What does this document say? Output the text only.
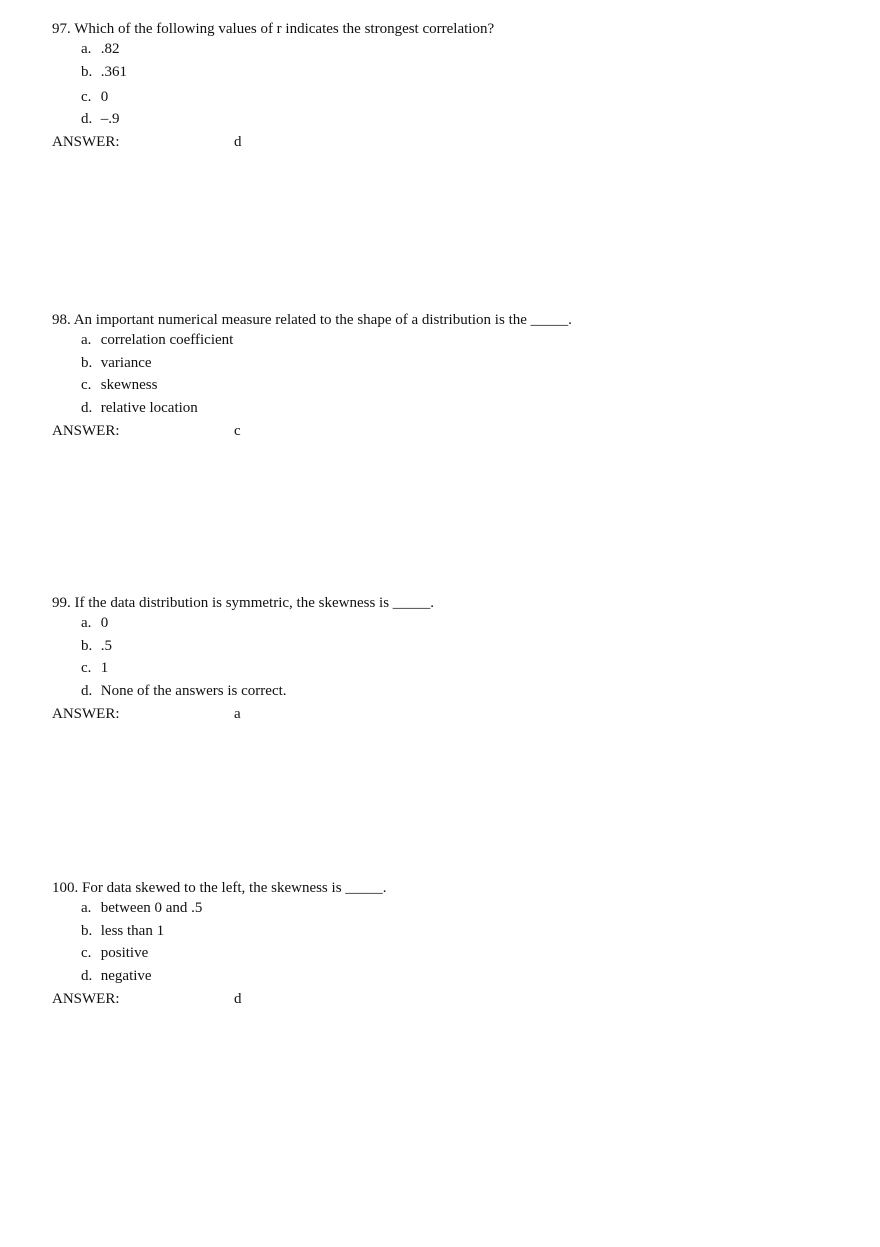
97. Which of the following values of r indicates the strongest correlation?

a. .82
b. .361
c. 0
d. –.9
ANSWER:	d

98. An important numerical measure related to the shape of a distribution is the _____.

a. correlation coefficient
b. variance
c. skewness
d. relative location
ANSWER:	c

99. If the data distribution is symmetric, the skewness is _____.

a. 0
b. .5
c. 1
d. None of the answers is correct.
ANSWER:	a

100. For data skewed to the left, the skewness is _____.

a. between 0 and .5
b. less than 1
c. positive
d. negative
ANSWER:	d
